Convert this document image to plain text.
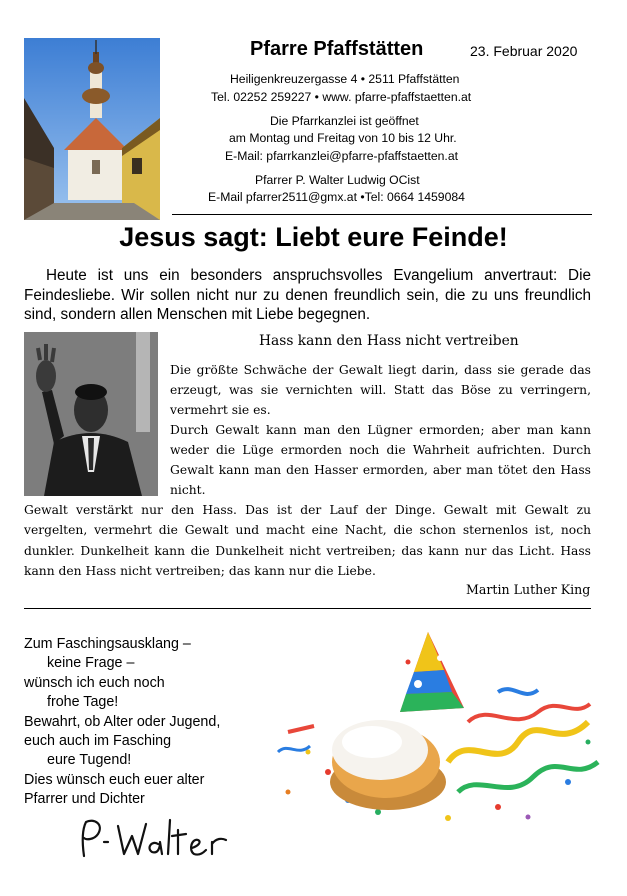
Pfarre Pfaffstätten	23. Februar 2020
Heiligenkreuzergasse 4 • 2511 Pfaffstätten
Tel. 02252 259227 • www. pfarre-pfaffstaetten.at
Die Pfarrkanzlei ist geöffnet
am Montag und Freitag von 10 bis 12 Uhr.
E-Mail: pfarrkanzlei@pfarre-pfaffstaetten.at
Pfarrer P. Walter Ludwig OCist
E-Mail pfarrer2511@gmx.at •Tel: 0664 1459084
Jesus sagt: Liebt eure Feinde!
Heute ist uns ein besonders anspruchsvolles Evangelium anvertraut: Die Feindesliebe. Wir sollen nicht nur zu denen freundlich sein, die zu uns freundlich sind, sondern allen Menschen mit Liebe begegnen.
Hass kann den Hass nicht vertreiben
Die größte Schwäche der Gewalt liegt darin, dass sie gerade das erzeugt, was sie vernichten will. Statt das Böse zu verringern, vermehrt sie es.
Durch Gewalt kann man den Lügner ermorden; aber man kann weder die Lüge ermorden noch die Wahrheit aufrichten. Durch Gewalt kann man den Hasser ermorden, aber man tötet den Hass nicht.
Gewalt verstärkt nur den Hass. Das ist der Lauf der Dinge. Gewalt mit Gewalt zu vergelten, vermehrt die Gewalt und macht eine Nacht, die schon sternenlos ist, noch dunkler. Dunkelheit kann die Dunkelheit nicht vertreiben; das kann nur das Licht. Hass kann den Hass nicht vertreiben; das kann nur die Liebe.
Martin Luther King
Zum Faschingsausklang –
keine Frage –
wünsch ich euch noch
frohe Tage!
Bewahrt, ob Alter oder Jugend,
euch auch im Fasching
eure Tugend!
Dies wünsch euch euer alter
Pfarrer und Dichter
